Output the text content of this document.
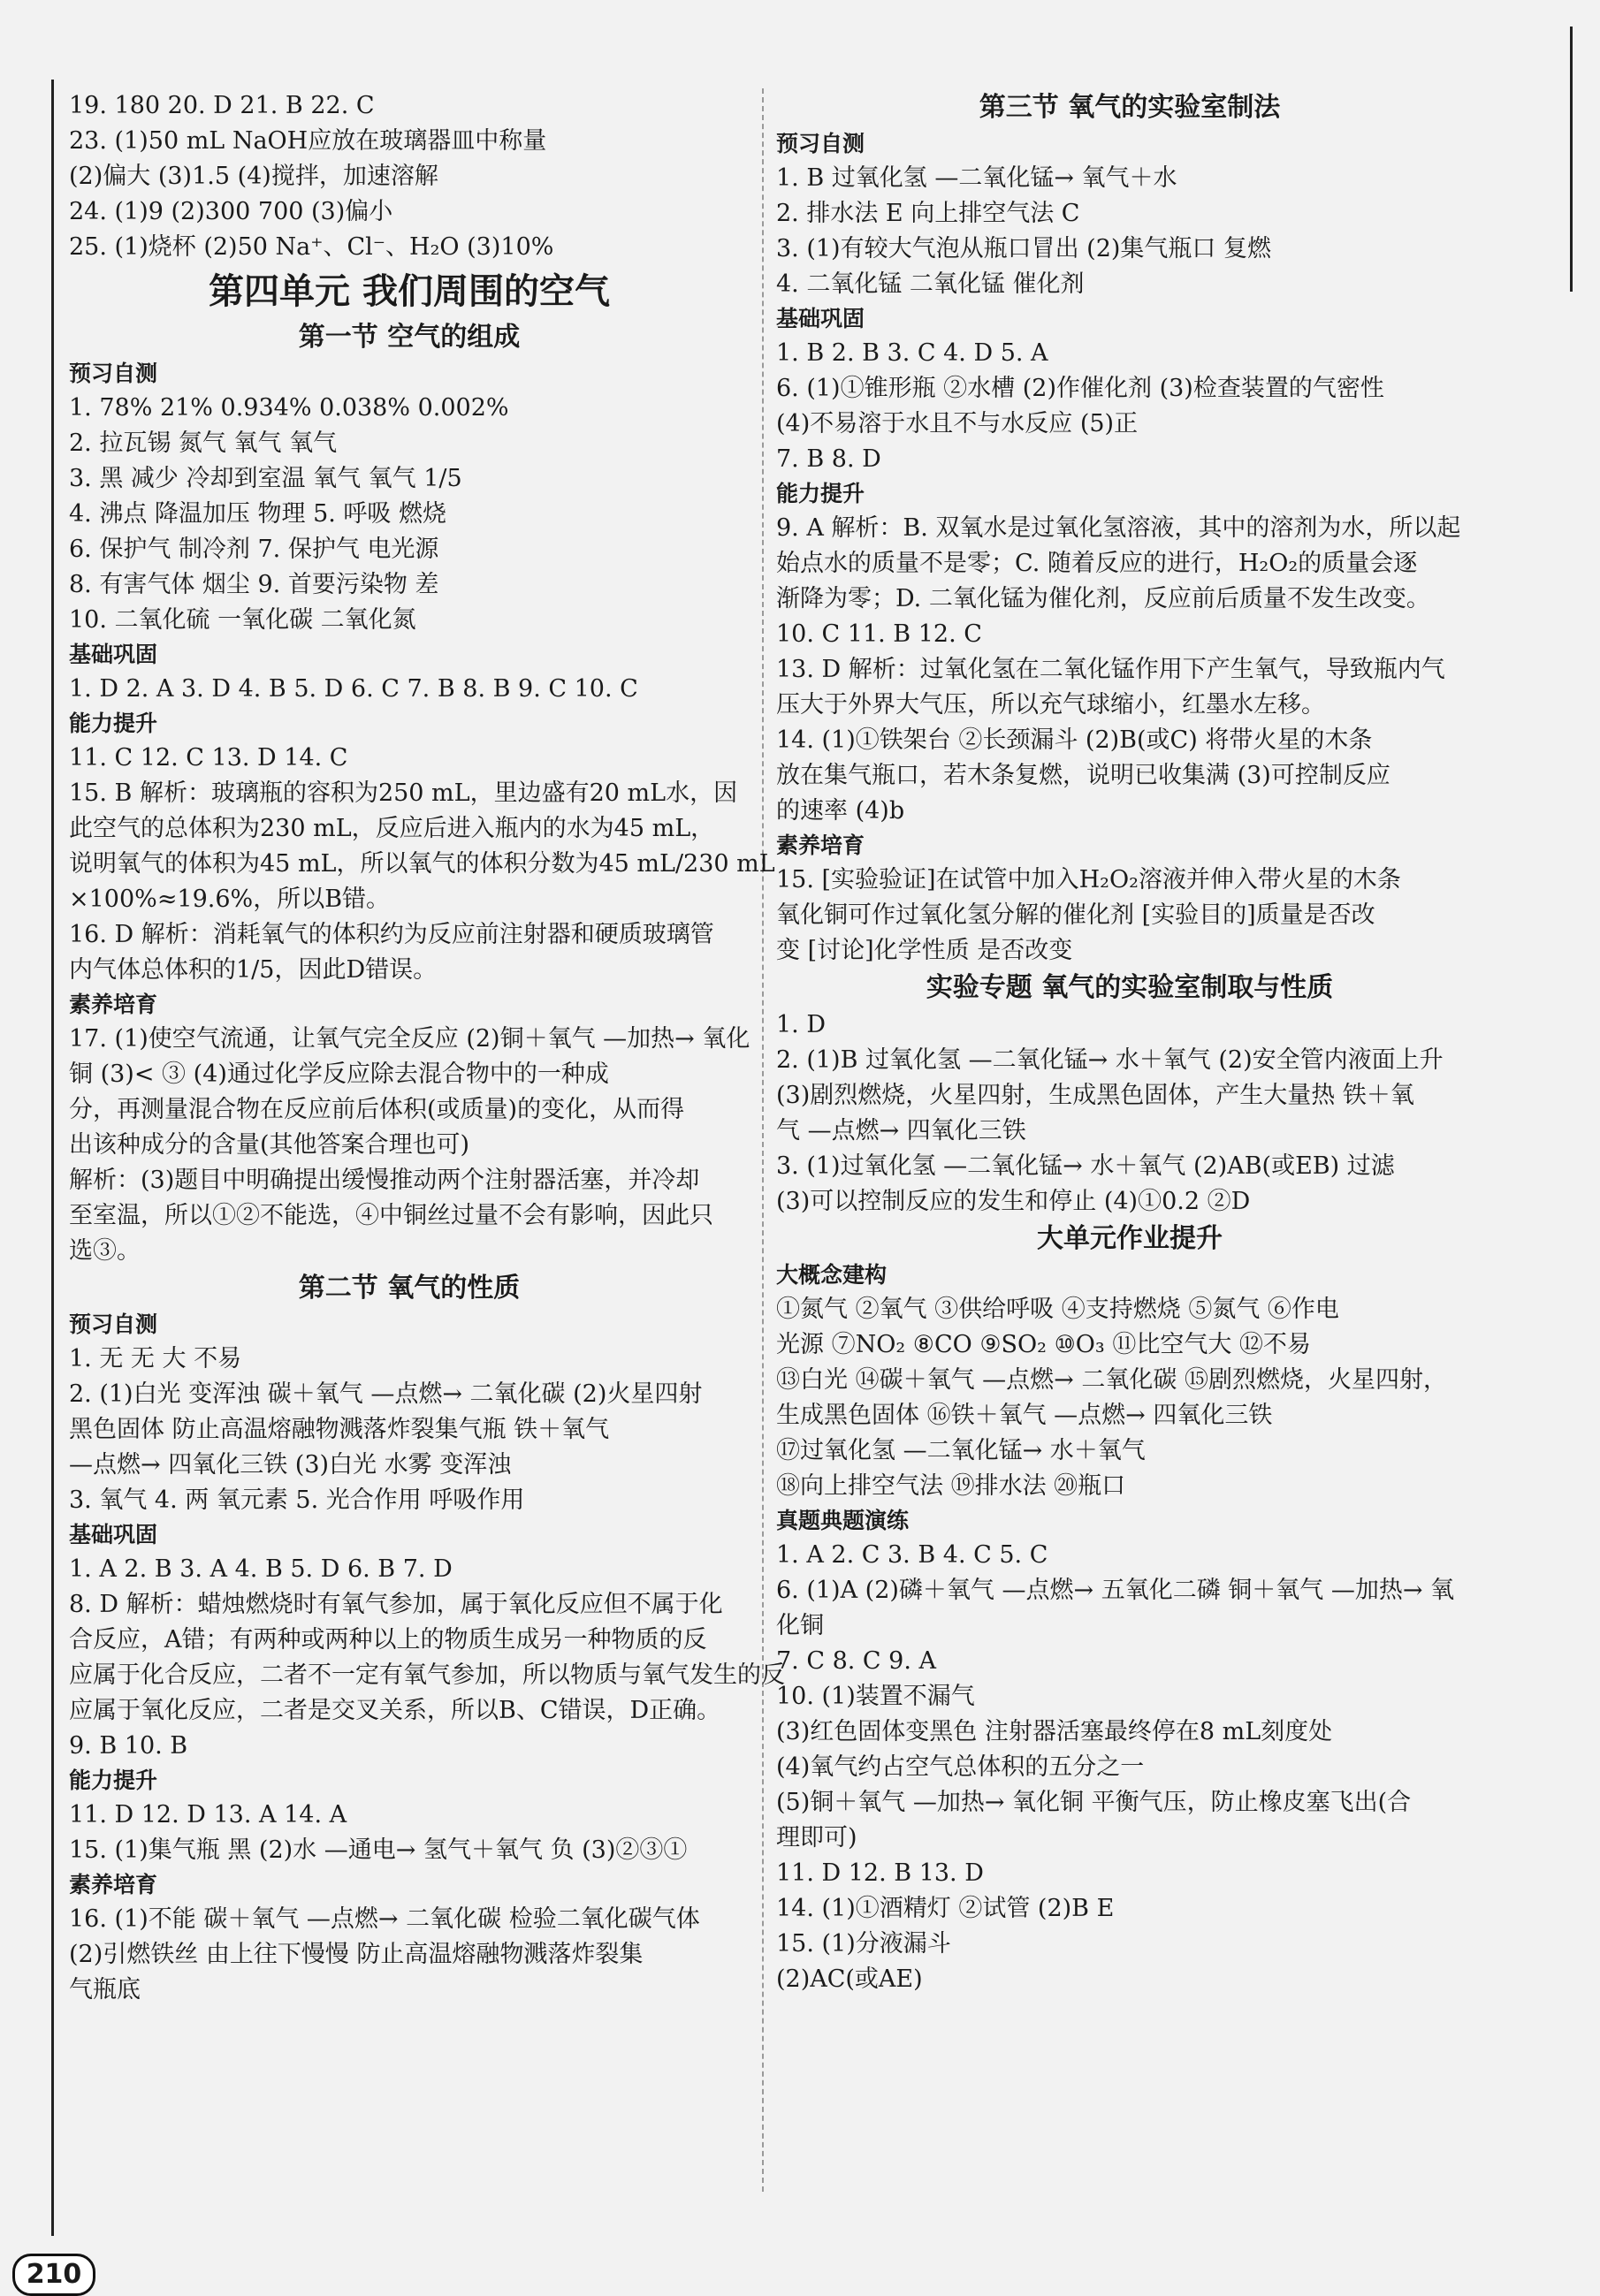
19. 180 20. D 21. B 22. C
23. (1)50 mL NaOH应放在玻璃器皿中称量
(2)偏大 (3)1.5 (4)搅拌，加速溶解
24. (1)9 (2)300 700 (3)偏小
25. (1)烧杯 (2)50 Na⁺、Cl⁻、H₂O (3)10%
第四单元 我们周围的空气
第一节 空气的组成
预习自测
1. 78% 21% 0.934% 0.038% 0.002%
2. 拉瓦锡 氮气 氧气 氧气
3. 黑 减少 冷却到室温 氧气 氧气 1/5
4. 沸点 降温加压 物理 5. 呼吸 燃烧
6. 保护气 制冷剂 7. 保护气 电光源
8. 有害气体 烟尘 9. 首要污染物 差
10. 二氧化硫 一氧化碳 二氧化氮
基础巩固
1. D 2. A 3. D 4. B 5. D 6. C 7. B 8. B 9. C 10. C
能力提升
11. C 12. C 13. D 14. C
15. B 解析：玻璃瓶的容积为250 mL，里边盛有20 mL水，因
此空气的总体积为230 mL，反应后进入瓶内的水为45 mL，
说明氧气的体积为45 mL，所以氧气的体积分数为45 mL/230 mL
×100%≈19.6%，所以B错。
16. D 解析：消耗氧气的体积约为反应前注射器和硬质玻璃管
内气体总体积的1/5，因此D错误。
素养培育
17. (1)使空气流通，让氧气完全反应 (2)铜＋氧气 —加热→ 氧化
铜 (3)< ③ (4)通过化学反应除去混合物中的一种成
分，再测量混合物在反应前后体积(或质量)的变化，从而得
出该种成分的含量(其他答案合理也可)
解析：(3)题目中明确提出缓慢推动两个注射器活塞，并冷却
至室温，所以①②不能选，④中铜丝过量不会有影响，因此只
选③。
第二节 氧气的性质
预习自测
1. 无 无 大 不易
2. (1)白光 变浑浊 碳＋氧气 —点燃→ 二氧化碳 (2)火星四射
黑色固体 防止高温熔融物溅落炸裂集气瓶 铁＋氧气
—点燃→ 四氧化三铁 (3)白光 水雾 变浑浊
3. 氧气 4. 两 氧元素 5. 光合作用 呼吸作用
基础巩固
1. A 2. B 3. A 4. B 5. D 6. B 7. D
8. D 解析：蜡烛燃烧时有氧气参加，属于氧化反应但不属于化
合反应，A错；有两种或两种以上的物质生成另一种物质的反
应属于化合反应，二者不一定有氧气参加，所以物质与氧气发生的反
应属于氧化反应，二者是交叉关系，所以B、C错误，D正确。
9. B 10. B
能力提升
11. D 12. D 13. A 14. A
15. (1)集气瓶 黑 (2)水 —通电→ 氢气＋氧气 负 (3)②③①
素养培育
16. (1)不能 碳＋氧气 —点燃→ 二氧化碳 检验二氧化碳气体
(2)引燃铁丝 由上往下慢慢 防止高温熔融物溅落炸裂集
气瓶底
第三节 氧气的实验室制法
预习自测
1. B 过氧化氢 —二氧化锰→ 氧气＋水
2. 排水法 E 向上排空气法 C
3. (1)有较大气泡从瓶口冒出 (2)集气瓶口 复燃
4. 二氧化锰 二氧化锰 催化剂
基础巩固
1. B 2. B 3. C 4. D 5. A
6. (1)①锥形瓶 ②水槽 (2)作催化剂 (3)检查装置的气密性
(4)不易溶于水且不与水反应 (5)正
7. B 8. D
能力提升
9. A 解析：B. 双氧水是过氧化氢溶液，其中的溶剂为水，所以起
始点水的质量不是零；C. 随着反应的进行，H₂O₂的质量会逐
渐降为零；D. 二氧化锰为催化剂，反应前后质量不发生改变。
10. C 11. B 12. C
13. D 解析：过氧化氢在二氧化锰作用下产生氧气，导致瓶内气
压大于外界大气压，所以充气球缩小，红墨水左移。
14. (1)①铁架台 ②长颈漏斗 (2)B(或C) 将带火星的木条
放在集气瓶口，若木条复燃，说明已收集满 (3)可控制反应
的速率 (4)b
素养培育
15. [实验验证]在试管中加入H₂O₂溶液并伸入带火星的木条
氧化铜可作过氧化氢分解的催化剂 [实验目的]质量是否改
变 [讨论]化学性质 是否改变
实验专题 氧气的实验室制取与性质
1. D
2. (1)B 过氧化氢 —二氧化锰→ 水＋氧气 (2)安全管内液面上升
(3)剧烈燃烧，火星四射，生成黑色固体，产生大量热 铁＋氧
气 —点燃→ 四氧化三铁
3. (1)过氧化氢 —二氧化锰→ 水＋氧气 (2)AB(或EB) 过滤
(3)可以控制反应的发生和停止 (4)①0.2 ②D
大单元作业提升
大概念建构
①氮气 ②氧气 ③供给呼吸 ④支持燃烧 ⑤氮气 ⑥作电
光源 ⑦NO₂ ⑧CO ⑨SO₂ ⑩O₃ ⑪比空气大 ⑫不易
⑬白光 ⑭碳＋氧气 —点燃→ 二氧化碳 ⑮剧烈燃烧，火星四射，
生成黑色固体 ⑯铁＋氧气 —点燃→ 四氧化三铁
⑰过氧化氢 —二氧化锰→ 水＋氧气
⑱向上排空气法 ⑲排水法 ⑳瓶口
真题典题演练
1. A 2. C 3. B 4. C 5. C
6. (1)A (2)磷＋氧气 —点燃→ 五氧化二磷 铜＋氧气 —加热→ 氧
化铜
7. C 8. C 9. A
10. (1)装置不漏气
(3)红色固体变黑色 注射器活塞最终停在8 mL刻度处
(4)氧气约占空气总体积的五分之一
(5)铜＋氧气 —加热→ 氧化铜 平衡气压，防止橡皮塞飞出(合
理即可)
11. D 12. B 13. D
14. (1)①酒精灯 ②试管 (2)B E
15. (1)分液漏斗
(2)AC(或AE)
210
